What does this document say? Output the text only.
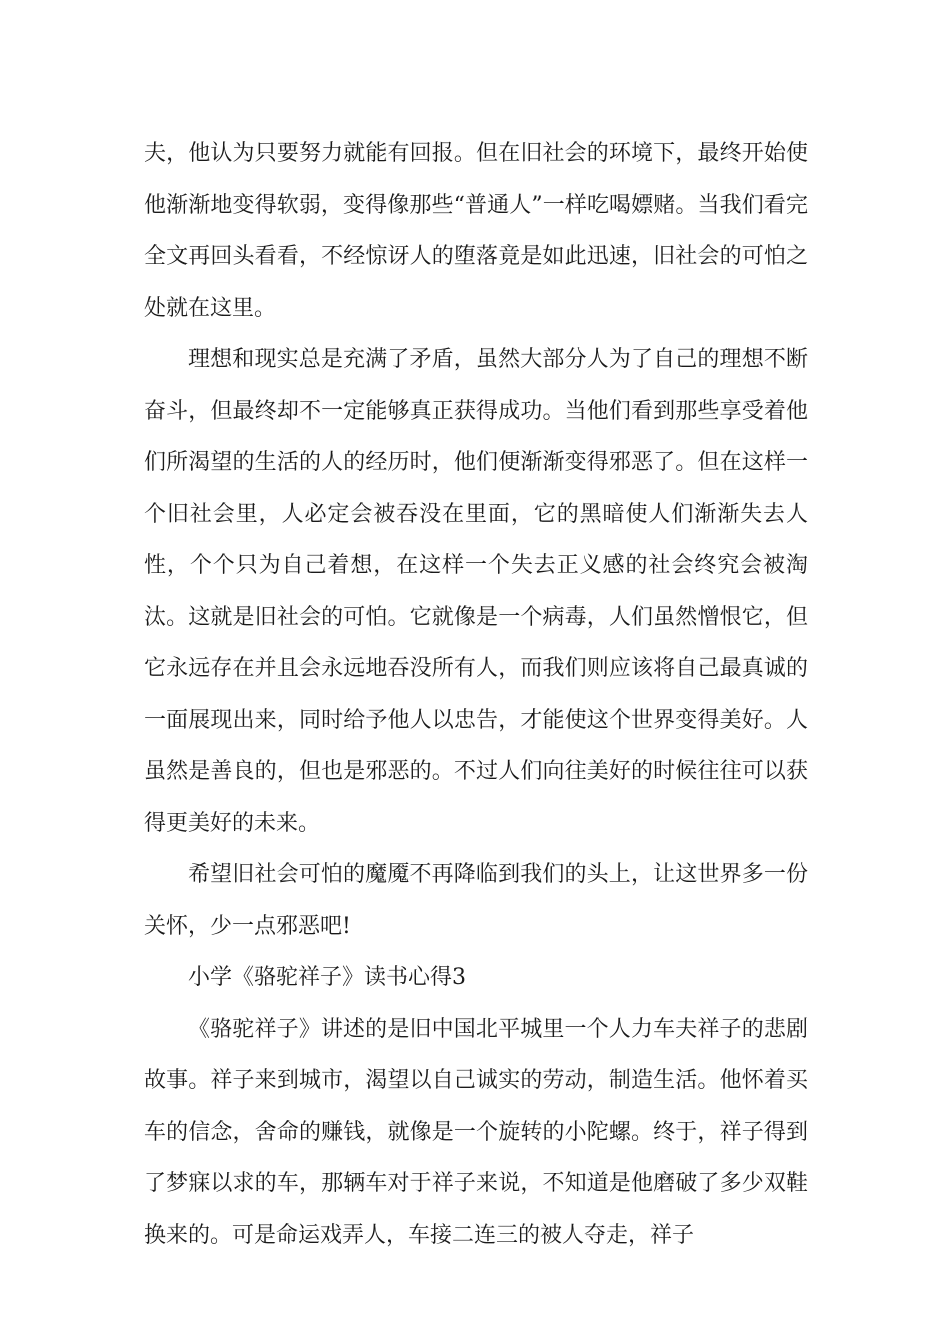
夫，他认为只要努力就能有回报。但在旧社会的环境下，最终开始使他渐渐地变得软弱，变得像那些“普通人”一样吃喝嫖赌。当我们看完全文再回头看看，不经惊讶人的堕落竟是如此迅速，旧社会的可怕之处就在这里。

理想和现实总是充满了矛盾，虽然大部分人为了自己的理想不断奋斗，但最终却不一定能够真正获得成功。当他们看到那些享受着他们所渴望的生活的人的经历时，他们便渐渐变得邪恶了。但在这样一个旧社会里，人必定会被吞没在里面，它的黑暗使人们渐渐失去人性，个个只为自己着想，在这样一个失去正义感的社会终究会被淘汰。这就是旧社会的可怕。它就像是一个病毒，人们虽然憎恨它，但它永远存在并且会永远地吞没所有人，而我们则应该将自己最真诚的一面展现出来，同时给予他人以忠告，才能使这个世界变得美好。人虽然是善良的，但也是邪恶的。不过人们向往美好的时候往往可以获得更美好的未来。

希望旧社会可怕的魔魇不再降临到我们的头上，让这世界多一份关怀，少一点邪恶吧!

小学《骆驼祥子》读书心得3

《骆驼祥子》讲述的是旧中国北平城里一个人力车夫祥子的悲剧故事。祥子来到城市，渴望以自己诚实的劳动，制造生活。他怀着买车的信念，舍命的赚钱，就像是一个旋转的小陀螺。终于，祥子得到了梦寐以求的车，那辆车对于祥子来说，不知道是他磨破了多少双鞋换来的。可是命运戏弄人，车接二连三的被人夺走，祥子
